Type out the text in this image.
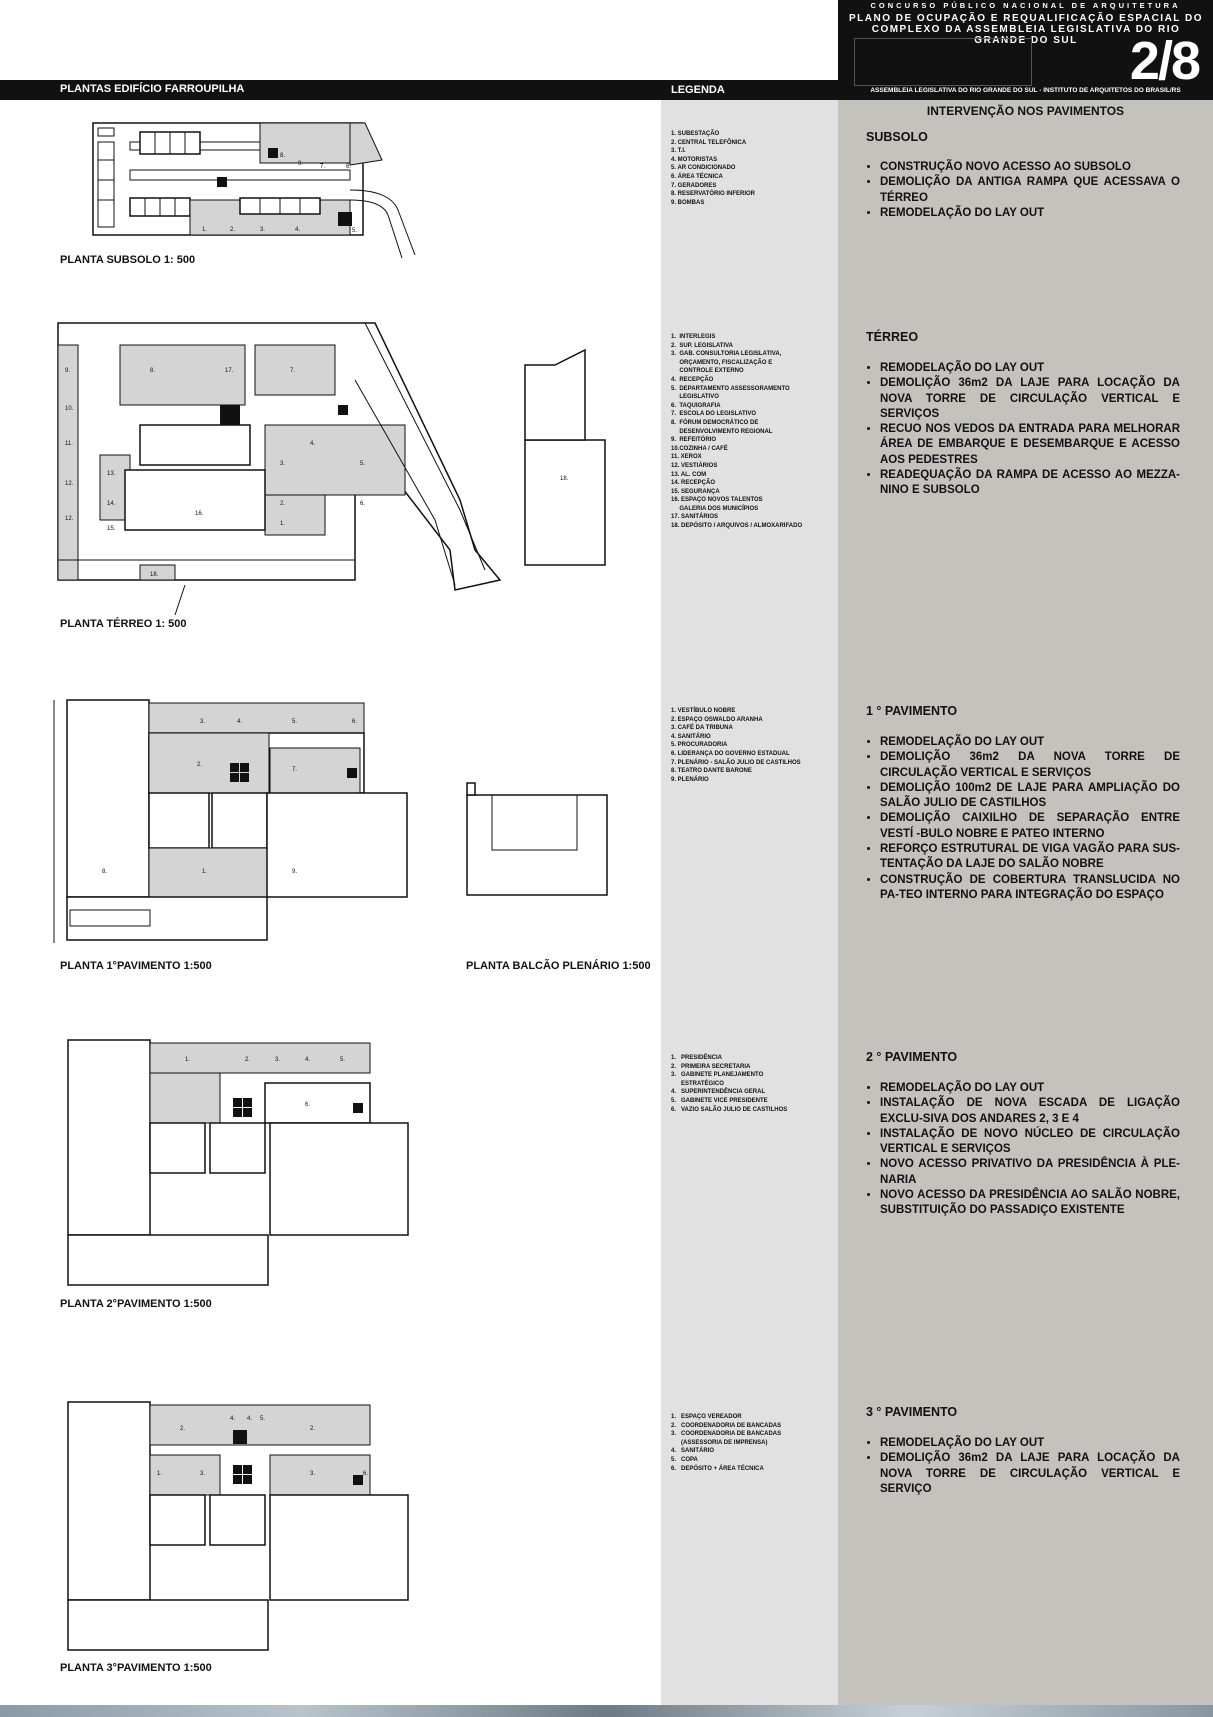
PLANTAS EDIFÍCIO FARROUPILHA	LEGENDA
CONCURSO PÚBLICO NACIONAL DE ARQUITETURA
PLANO DE OCUPAÇÃO E REQUALIFICAÇÃO ESPACIAL DO
COMPLEXO DA ASSEMBLEIA LEGISLATIVA DO RIO GRANDE DO SUL 2/8
ASSEMBLEIA LEGISLATIVA DO RIO GRANDE DO SUL - INSTITUTO DE ARQUITETOS DO BRASIL/RS
INTERVENÇÃO NOS PAVIMENTOS
1.	2.	3.	4.	5.
6.
7.
8.
9.
PLANTA SUBSOLO 1: 500
9.
10.
11.
12.
12.
8.	17.	7.
4.
3.	5.
6.
2.
1.
13.
14.
15.
16.
18.
18.
PLANTA TÉRREO 1: 500
3.	4.	5.	6.
2.
7.
8.	1.	9.
PLANTA 1°PAVIMENTO 1:500	PLANTA BALCÃO PLENÁRIO 1:500
1.	2.	3.	4.	5.
6.
PLANTA 2°PAVIMENTO 1:500
2.
4. 4. 5.
2.
1.	3.	3.	6.
PLANTA 3°PAVIMENTO 1:500
1. SUBESTAÇÃO
2. CENTRAL TELEFÔNICA
3. T.I.
4. MOTORISTAS
5. AR CONDICIONADO
6. ÁREA TÉCNICA
7. GERADORES
8. RESERVATÓRIO INFERIOR
9. BOMBAS
1.  INTERLEGIS
2.  SUP. LEGISLATIVA
3.  GAB. CONSULTORIA LEGISLATIVA,
ORÇAMENTO, FISCALIZAÇÃO E
CONTROLE EXTERNO
4.  RECEPÇÃO
5.  DEPARTAMENTO ASSESSORAMENTO
LEGISLATIVO
6.  TAQUIGRAFIA
7.  ESCOLA DO LEGISLATIVO
8.  FÓRUM DEMOCRÁTICO DE
DESENVOLVIMENTO REGIONAL
9.  REFEITÓRIO
10.COZINHA / CAFÉ
11. XEROX
12. VESTIÁRIOS
13. AL. COM
14. RECEPÇÃO
15. SEGURANÇA
16. ESPAÇO NOVOS TALENTOS
GALERIA DOS MUNICÍPIOS
17. SANITÁRIOS
18. DEPÓSITO / ARQUIVOS / ALMOXARIFADO
1. VESTÍBULO NOBRE
2. ESPAÇO OSWALDO ARANHA
3. CAFÉ DA TRIBUNA
4. SANITÁRIO
5. PROCURADORIA
6. LIDERANÇA DO GOVERNO ESTADUAL
7. PLENÁRIO - SALÃO JULIO DE CASTILHOS
8. TEATRO DANTE BARONE
9. PLENÁRIO
1.   PRESIDÊNCIA
2.   PRIMEIRA SECRETARIA
3.   GABINETE PLANEJAMENTO
ESTRATÉGICO
4.   SUPERINTENDÊNCIA GERAL
5.   GABINETE VICE PRESIDENTE
6.   VAZIO SALÃO JULIO DE CASTILHOS
1.   ESPAÇO VEREADOR
2.   COORDENADORIA DE BANCADAS
3.   COORDENADORIA DE BANCADAS
(ASSESSORIA DE IMPRENSA)
4.   SANITÁRIO
5.   COPA
6.   DEPÓSITO + ÁREA TÉCNICA
SUBSOLO
• CONSTRUÇÃO NOVO ACESSO AO SUBSOLO
• DEMOLIÇÃO DA ANTIGA RAMPA QUE ACESSAVA O TÉRREO
• REMODELAÇÃO DO LAY OUT
TÉRREO
• REMODELAÇÃO DO LAY OUT
• DEMOLIÇÃO 36m2 DA LAJE PARA LOCAÇÃO DA NOVA TORRE DE CIRCULAÇÃO VERTICAL E SERVIÇOS
• RECUO NOS VEDOS DA ENTRADA PARA MELHORAR ÁREA DE EMBARQUE E DESEMBARQUE E ACESSO AOS PEDESTRES
• READEQUAÇÃO DA RAMPA DE ACESSO AO MEZZA-NINO E SUBSOLO
1 ° PAVIMENTO
• REMODELAÇÃO DO LAY OUT
• DEMOLIÇÃO 36m2 DA NOVA TORRE DE CIRCULAÇÃO VERTICAL E SERVIÇOS
• DEMOLIÇÃO 100m2 DE LAJE PARA AMPLIAÇÃO DO SALÃO JULIO DE CASTILHOS
• DEMOLIÇÃO CAIXILHO DE SEPARAÇÃO ENTRE VESTÍ -BULO NOBRE E PATEO INTERNO
• REFORÇO ESTRUTURAL DE VIGA VAGÃO PARA SUS-TENTAÇÃO DA LAJE DO SALÃO NOBRE
• CONSTRUÇÃO DE COBERTURA TRANSLUCIDA NO PA-TEO INTERNO PARA INTEGRAÇÃO DO ESPAÇO
2 ° PAVIMENTO
• REMODELAÇÃO DO LAY OUT
• INSTALAÇÃO DE NOVA ESCADA DE LIGAÇÃO EXCLU-SIVA DOS ANDARES 2, 3 E 4
• INSTALAÇÃO DE NOVO NÚCLEO DE CIRCULAÇÃO VERTICAL E SERVIÇOS
• NOVO ACESSO PRIVATIVO DA PRESIDÊNCIA À PLE-NARIA
• NOVO ACESSO DA PRESIDÊNCIA AO SALÃO NOBRE, SUBSTITUIÇÃO DO PASSADIÇO EXISTENTE
3 ° PAVIMENTO
• REMODELAÇÃO DO LAY OUT
• DEMOLIÇÃO 36m2 DA LAJE PARA LOCAÇÃO DA NOVA TORRE DE CIRCULAÇÃO VERTICAL E SERVIÇO
